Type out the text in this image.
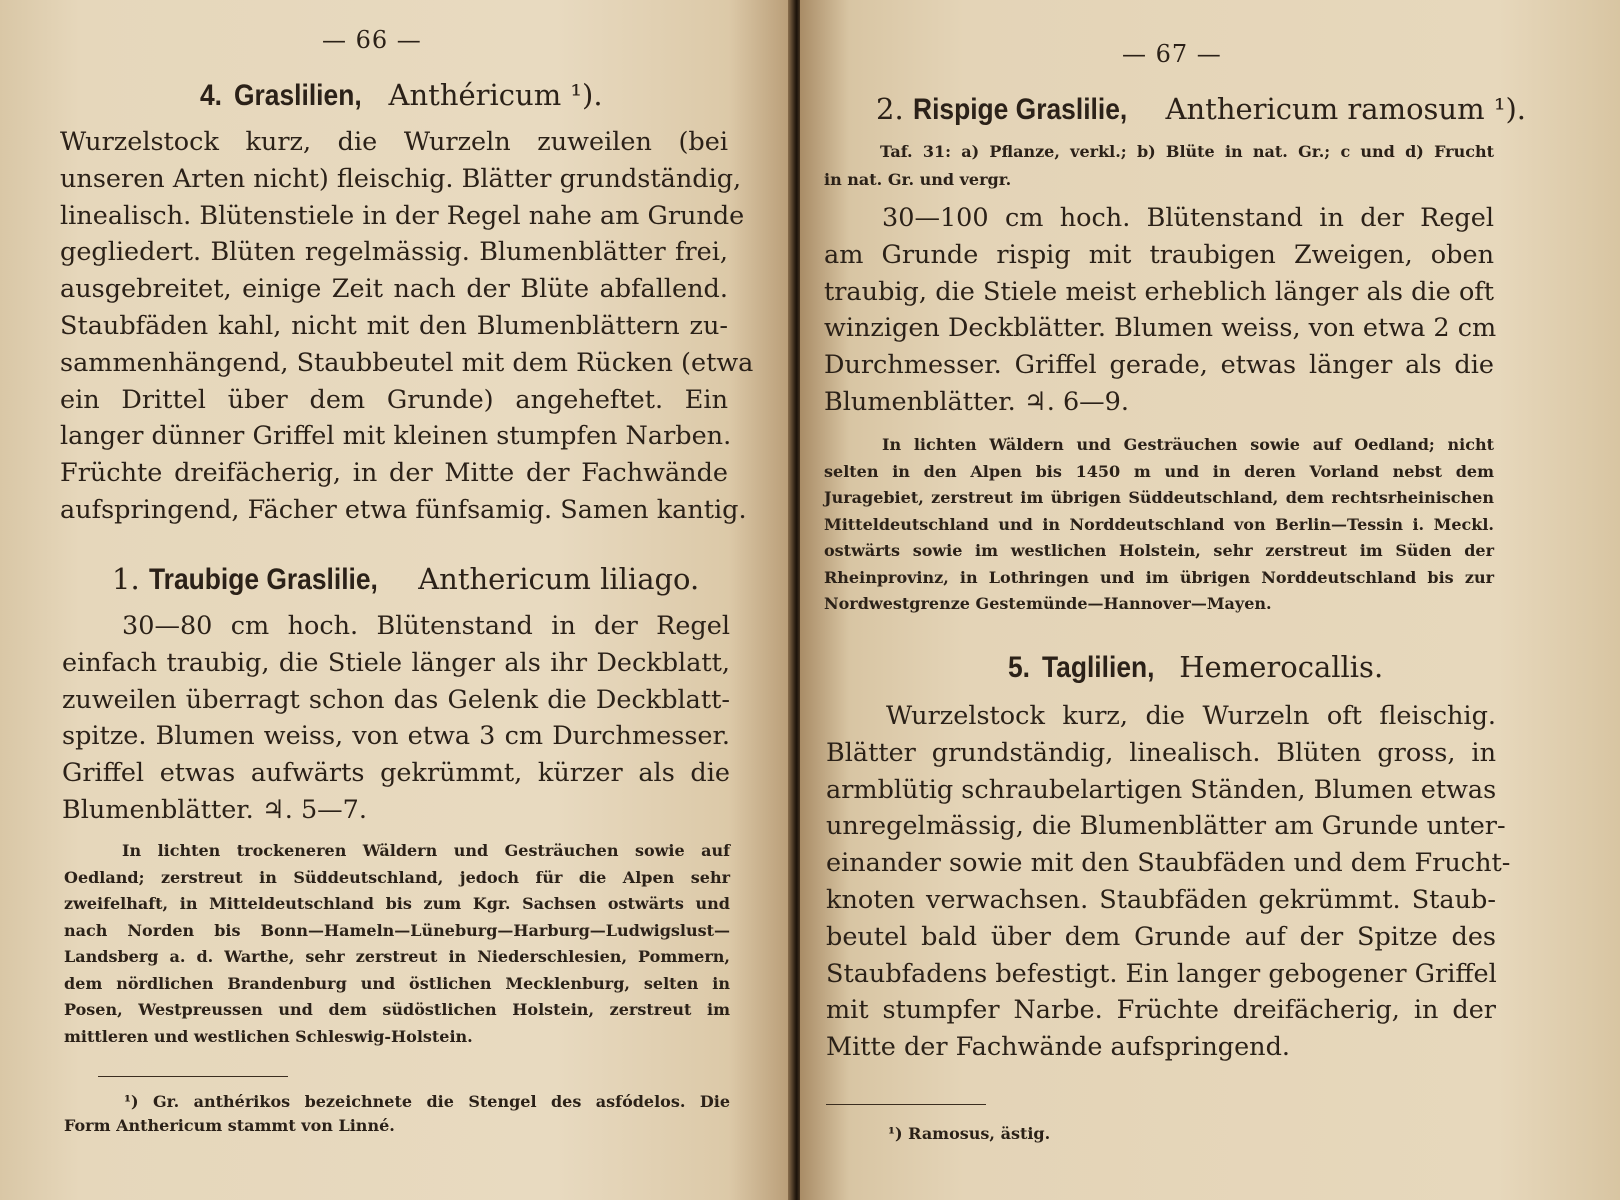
— 66 —
4. Graslilien, Anthéricum ¹).
Wurzelstock kurz, die Wurzeln zuweilen (bei
unseren Arten nicht) fleischig. Blätter grundständig,
linealisch. Blütenstiele in der Regel nahe am Grunde
gegliedert. Blüten regelmässig. Blumenblätter frei,
ausgebreitet, einige Zeit nach der Blüte abfallend.
Staubfäden kahl, nicht mit den Blumenblättern zu-
sammenhängend, Staubbeutel mit dem Rücken (etwa
ein Drittel über dem Grunde) angeheftet. Ein
langer dünner Griffel mit kleinen stumpfen Narben.
Früchte dreifächerig, in der Mitte der Fachwände
aufspringend, Fächer etwa fünfsamig. Samen kantig.
1. Traubige Graslilie, Anthericum liliago.
30—80 cm hoch. Blütenstand in der Regel
einfach traubig, die Stiele länger als ihr Deckblatt,
zuweilen überragt schon das Gelenk die Deckblatt-
spitze. Blumen weiss, von etwa 3 cm Durchmesser.
Griffel etwas aufwärts gekrümmt, kürzer als die
Blumenblätter. ♃. 5—7.
In lichten trockeneren Wäldern und Gesträuchen sowie auf
Oedland; zerstreut in Süddeutschland, jedoch für die Alpen sehr
zweifelhaft, in Mitteldeutschland bis zum Kgr. Sachsen ostwärts und
nach Norden bis Bonn—Hameln—Lüneburg—Harburg—Ludwigslust—
Landsberg a. d. Warthe, sehr zerstreut in Niederschlesien, Pommern,
dem nördlichen Brandenburg und östlichen Mecklenburg, selten in
Posen, Westpreussen und dem südöstlichen Holstein, zerstreut im
mittleren und westlichen Schleswig-Holstein.
¹) Gr. anthérikos bezeichnete die Stengel des asfódelos. Die
Form Anthericum stammt von Linné.
— 67 —
2. Rispige Graslilie, Anthericum ramosum ¹).
Taf. 31: a) Pflanze, verkl.; b) Blüte in nat. Gr.; c und d) Frucht
in nat. Gr. und vergr.
30—100 cm hoch. Blütenstand in der Regel
am Grunde rispig mit traubigen Zweigen, oben
traubig, die Stiele meist erheblich länger als die oft
winzigen Deckblätter. Blumen weiss, von etwa 2 cm
Durchmesser. Griffel gerade, etwas länger als die
Blumenblätter. ♃. 6—9.
In lichten Wäldern und Gesträuchen sowie auf Oedland; nicht
selten in den Alpen bis 1450 m und in deren Vorland nebst dem
Juragebiet, zerstreut im übrigen Süddeutschland, dem rechtsrheinischen
Mitteldeutschland und in Norddeutschland von Berlin—Tessin i. Meckl.
ostwärts sowie im westlichen Holstein, sehr zerstreut im Süden der
Rheinprovinz, in Lothringen und im übrigen Norddeutschland bis zur
Nordwestgrenze Gestemünde—Hannover—Mayen.
5. Taglilien, Hemerocallis.
Wurzelstock kurz, die Wurzeln oft fleischig.
Blätter grundständig, linealisch. Blüten gross, in
armblütig schraubelartigen Ständen, Blumen etwas
unregelmässig, die Blumenblätter am Grunde unter-
einander sowie mit den Staubfäden und dem Frucht-
knoten verwachsen. Staubfäden gekrümmt. Staub-
beutel bald über dem Grunde auf der Spitze des
Staubfadens befestigt. Ein langer gebogener Griffel
mit stumpfer Narbe. Früchte dreifächerig, in der
Mitte der Fachwände aufspringend.
¹) Ramosus, ästig.
